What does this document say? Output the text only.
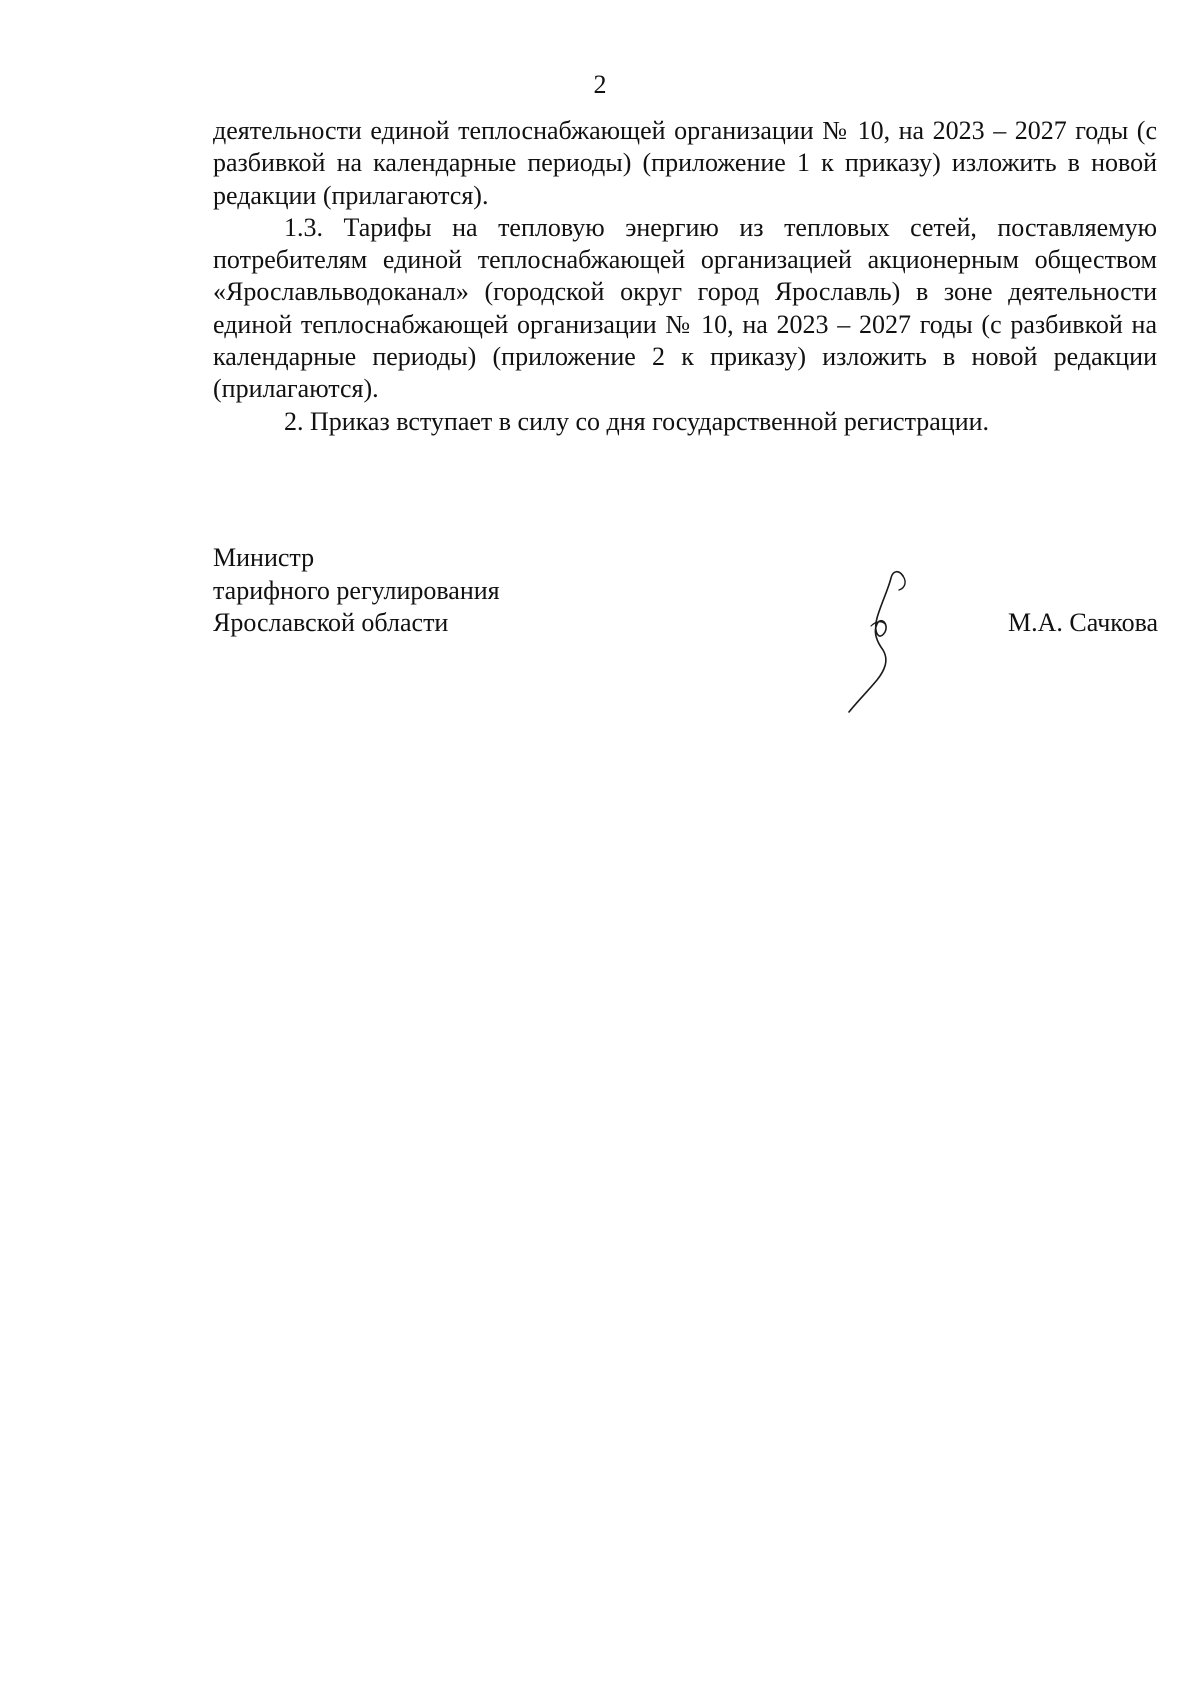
2

деятельности единой теплоснабжающей организации № 10, на 2023 – 2027 годы (с разбивкой на календарные периоды) (приложение 1 к приказу) изложить в новой редакции (прилагаются).

1.3. Тарифы на тепловую энергию из тепловых сетей, поставляемую потребителям единой теплоснабжающей организацией акционерным обществом «Ярославльводоканал» (городской округ город Ярославль) в зоне деятельности единой теплоснабжающей организации № 10, на 2023 – 2027 годы (с разбивкой на календарные периоды) (приложение 2 к приказу) изложить в новой редакции (прилагаются).

2. Приказ вступает в силу со дня государственной регистрации.

Министр
тарифного регулирования
Ярославской области	М.А. Сачкова
